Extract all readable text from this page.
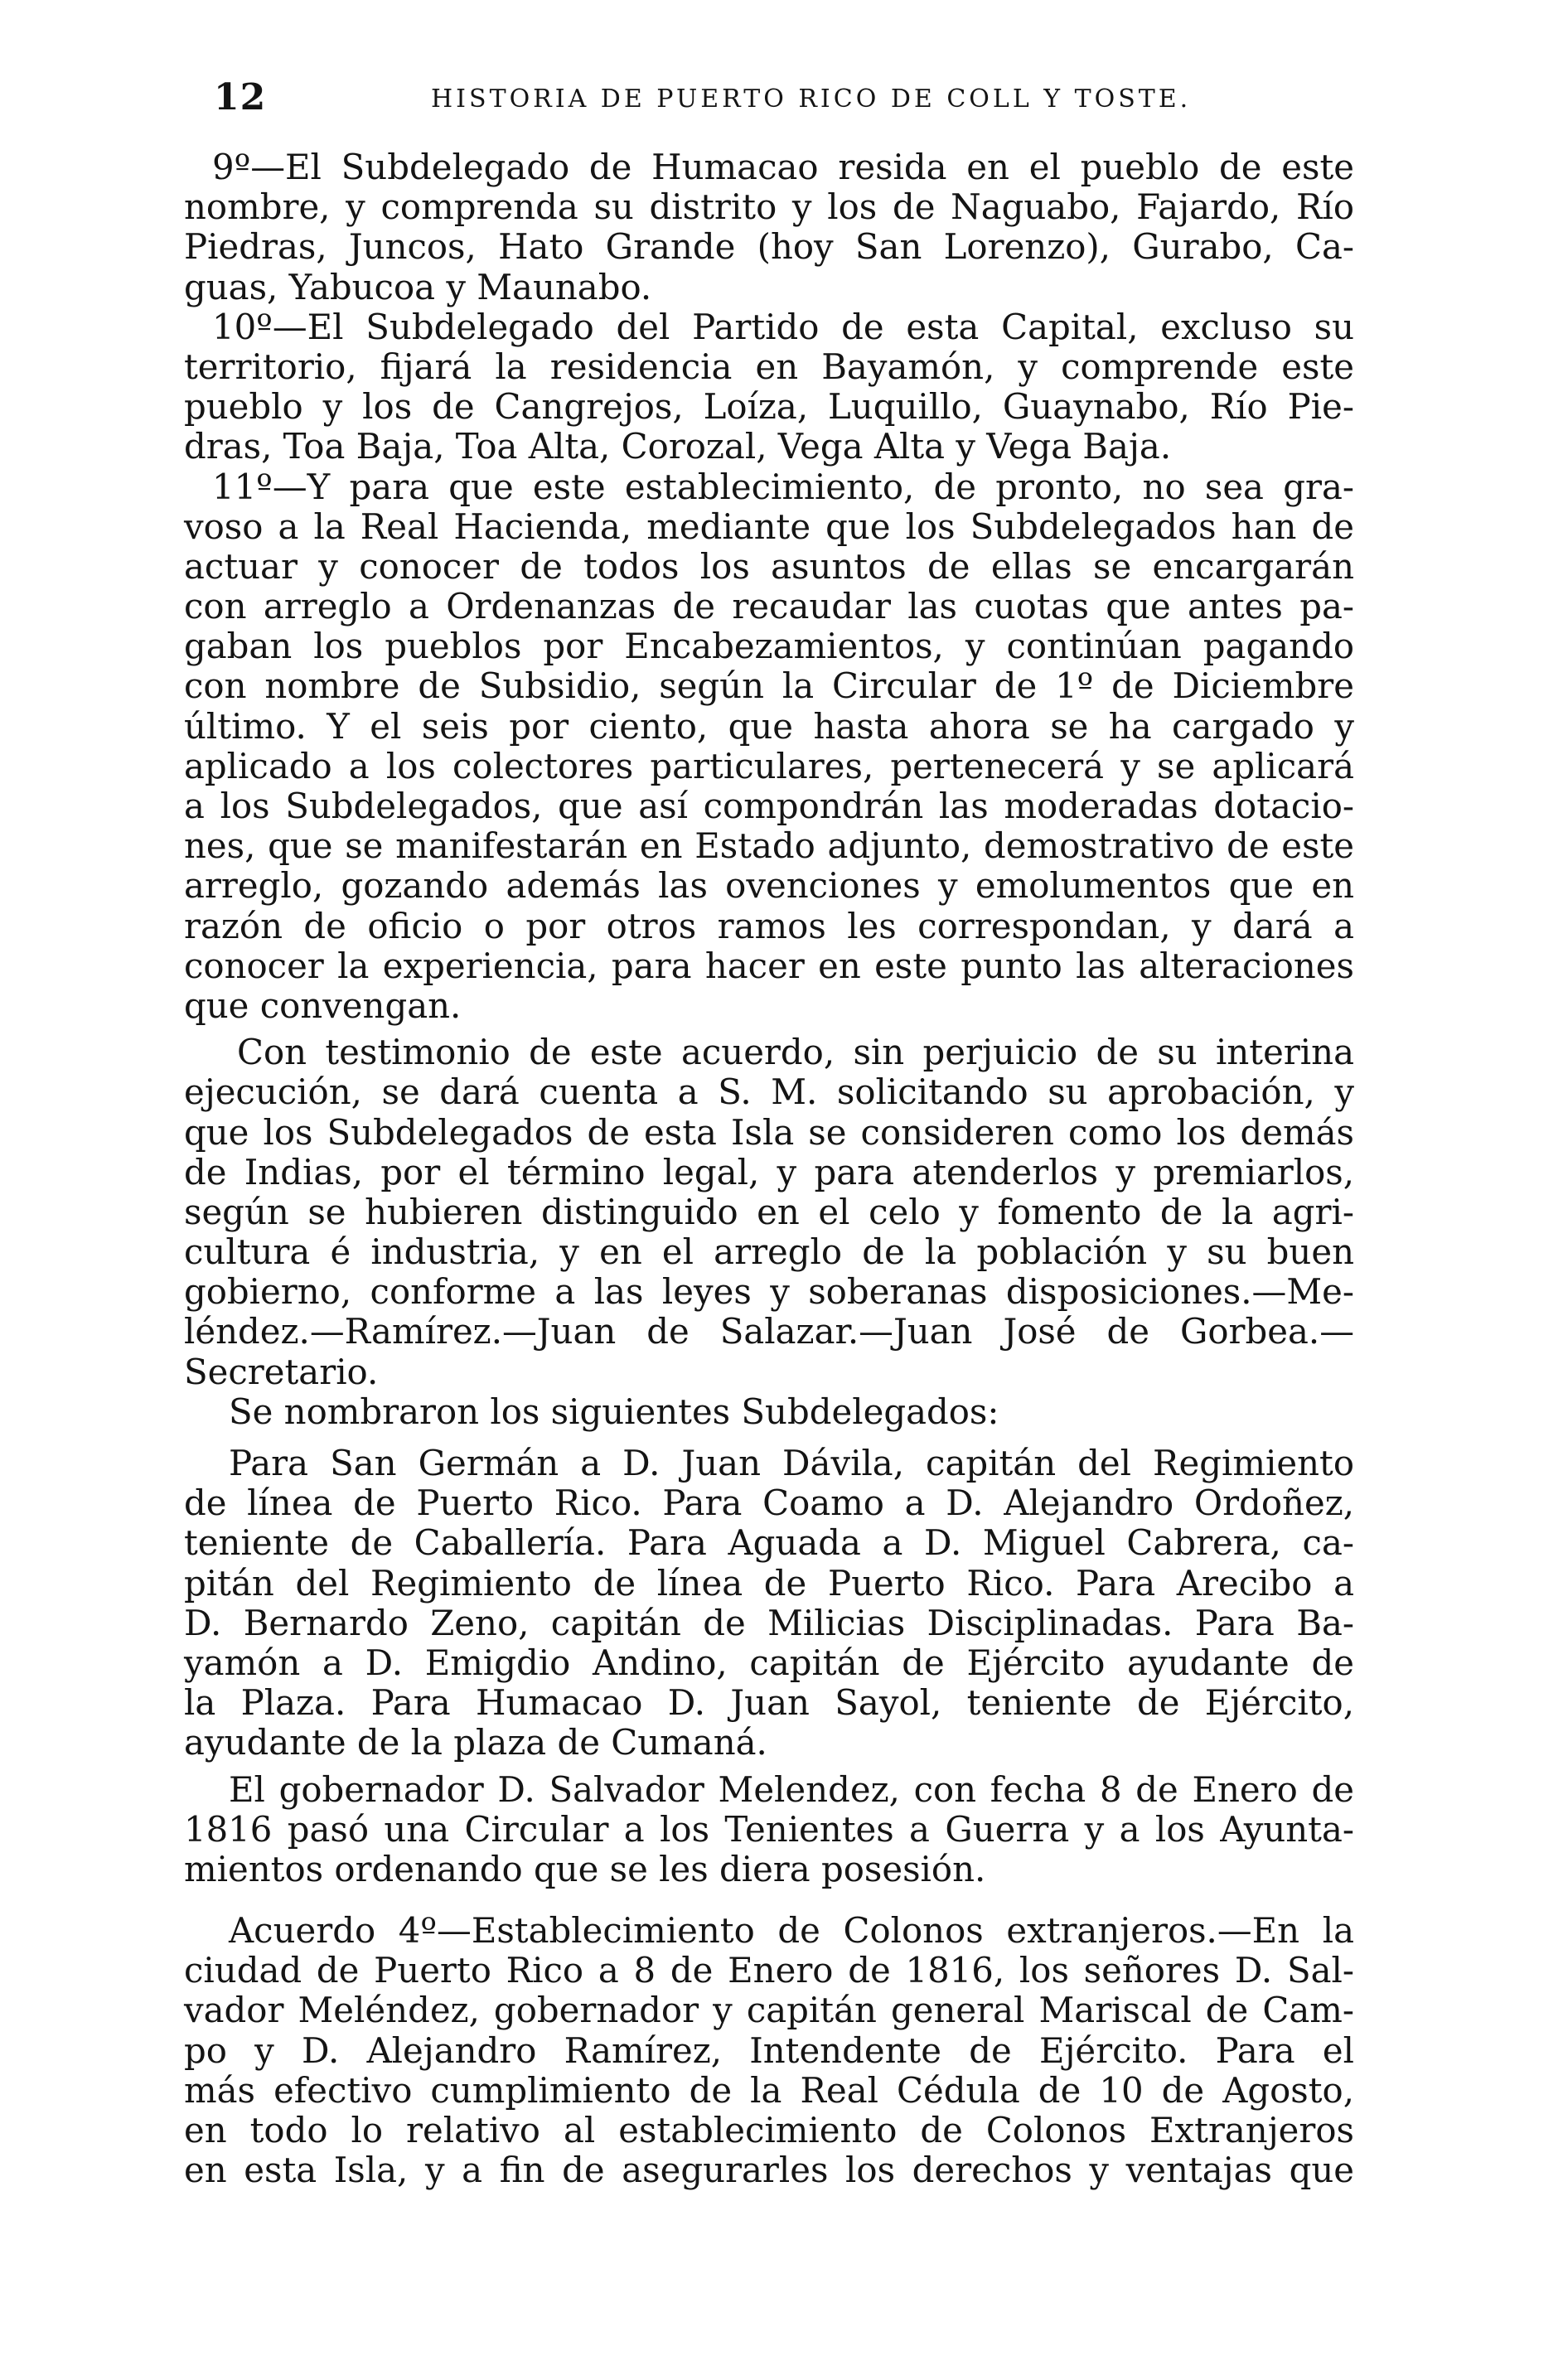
12	HISTORIA DE PUERTO RICO DE COLL Y TOSTE.
9º—El Subdelegado de Humacao resida en el pueblo de este
nombre, y comprenda su distrito y los de Naguabo, Fajardo, Río
Piedras, Juncos, Hato Grande (hoy San Lorenzo), Gurabo, Ca-
guas, Yabucoa y Maunabo.
10º—El Subdelegado del Partido de esta Capital, excluso su
territorio, fijará la residencia en Bayamón, y comprende este
pueblo y los de Cangrejos, Loíza, Luquillo, Guaynabo, Río Pie-
dras, Toa Baja, Toa Alta, Corozal, Vega Alta y Vega Baja.
11º—Y para que este establecimiento, de pronto, no sea gra-
voso a la Real Hacienda, mediante que los Subdelegados han de
actuar y conocer de todos los asuntos de ellas se encargarán
con arreglo a Ordenanzas de recaudar las cuotas que antes pa-
gaban los pueblos por Encabezamientos, y continúan pagando
con nombre de Subsidio, según la Circular de 1º de Diciembre
último. Y el seis por ciento, que hasta ahora se ha cargado y
aplicado a los colectores particulares, pertenecerá y se aplicará
a los Subdelegados, que así compondrán las moderadas dotacio-
nes, que se manifestarán en Estado adjunto, demostrativo de este
arreglo, gozando además las ovenciones y emolumentos que en
razón de oficio o por otros ramos les correspondan, y dará a
conocer la experiencia, para hacer en este punto las alteraciones
que convengan.
Con testimonio de este acuerdo, sin perjuicio de su interina
ejecución, se dará cuenta a S. M. solicitando su aprobación, y
que los Subdelegados de esta Isla se consideren como los demás
de Indias, por el término legal, y para atenderlos y premiarlos,
según se hubieren distinguido en el celo y fomento de la agri-
cultura é industria, y en el arreglo de la población y su buen
gobierno, conforme a las leyes y soberanas disposiciones.—Me-
léndez.—Ramírez.—Juan de Salazar.—Juan José de Gorbea.—
Secretario.
Se nombraron los siguientes Subdelegados:
Para San Germán a D. Juan Dávila, capitán del Regimiento
de línea de Puerto Rico. Para Coamo a D. Alejandro Ordoñez,
teniente de Caballería. Para Aguada a D. Miguel Cabrera, ca-
pitán del Regimiento de línea de Puerto Rico. Para Arecibo a
D. Bernardo Zeno, capitán de Milicias Disciplinadas. Para Ba-
yamón a D. Emigdio Andino, capitán de Ejército ayudante de
la Plaza. Para Humacao D. Juan Sayol, teniente de Ejército,
ayudante de la plaza de Cumaná.
El gobernador D. Salvador Melendez, con fecha 8 de Enero de
1816 pasó una Circular a los Tenientes a Guerra y a los Ayunta-
mientos ordenando que se les diera posesión.
Acuerdo 4º—Establecimiento de Colonos extranjeros.—En la
ciudad de Puerto Rico a 8 de Enero de 1816, los señores D. Sal-
vador Meléndez, gobernador y capitán general Mariscal de Cam-
po y D. Alejandro Ramírez, Intendente de Ejército. Para el
más efectivo cumplimiento de la Real Cédula de 10 de Agosto,
en todo lo relativo al establecimiento de Colonos Extranjeros
en esta Isla, y a fin de asegurarles los derechos y ventajas que
